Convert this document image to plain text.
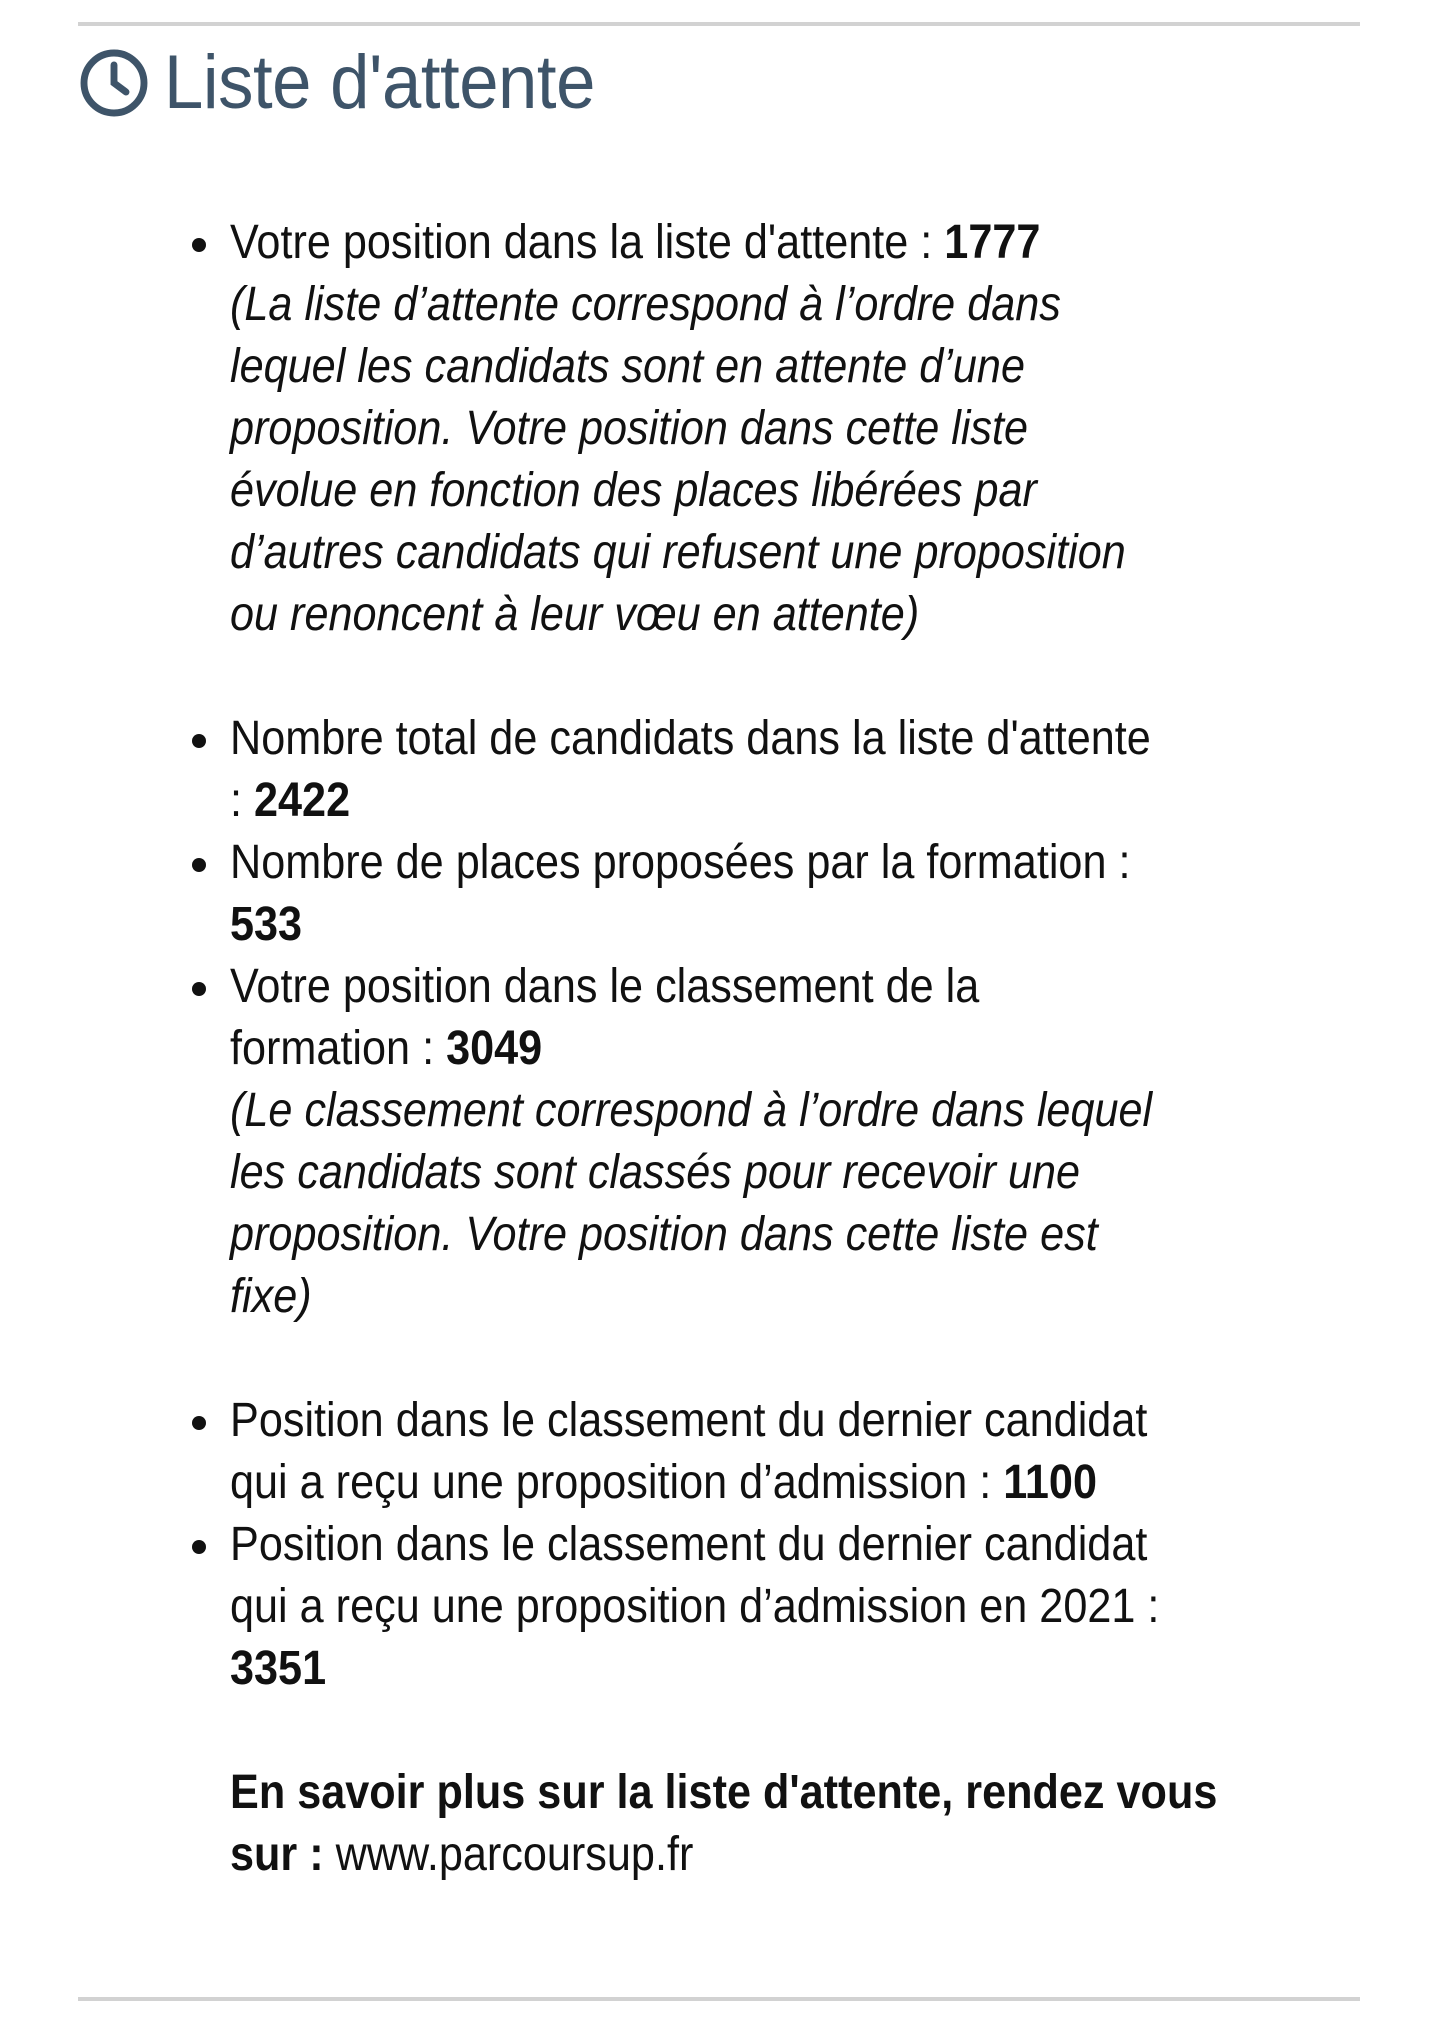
Liste d'attente
Votre position dans la liste d'attente : 1777
(La liste d’attente correspond à l’ordre dans
lequel les candidats sont en attente d’une
proposition. Votre position dans cette liste
évolue en fonction des places libérées par
d’autres candidats qui refusent une proposition
ou renoncent à leur vœu en attente)
Nombre total de candidats dans la liste d'attente
: 2422
Nombre de places proposées par la formation :
533
Votre position dans le classement de la
formation : 3049
(Le classement correspond à l’ordre dans lequel
les candidats sont classés pour recevoir une
proposition. Votre position dans cette liste est
fixe)
Position dans le classement du dernier candidat
qui a reçu une proposition d’admission : 1100
Position dans le classement du dernier candidat
qui a reçu une proposition d’admission en 2021 :
3351
En savoir plus sur la liste d'attente, rendez vous
sur : www.parcoursup.fr
